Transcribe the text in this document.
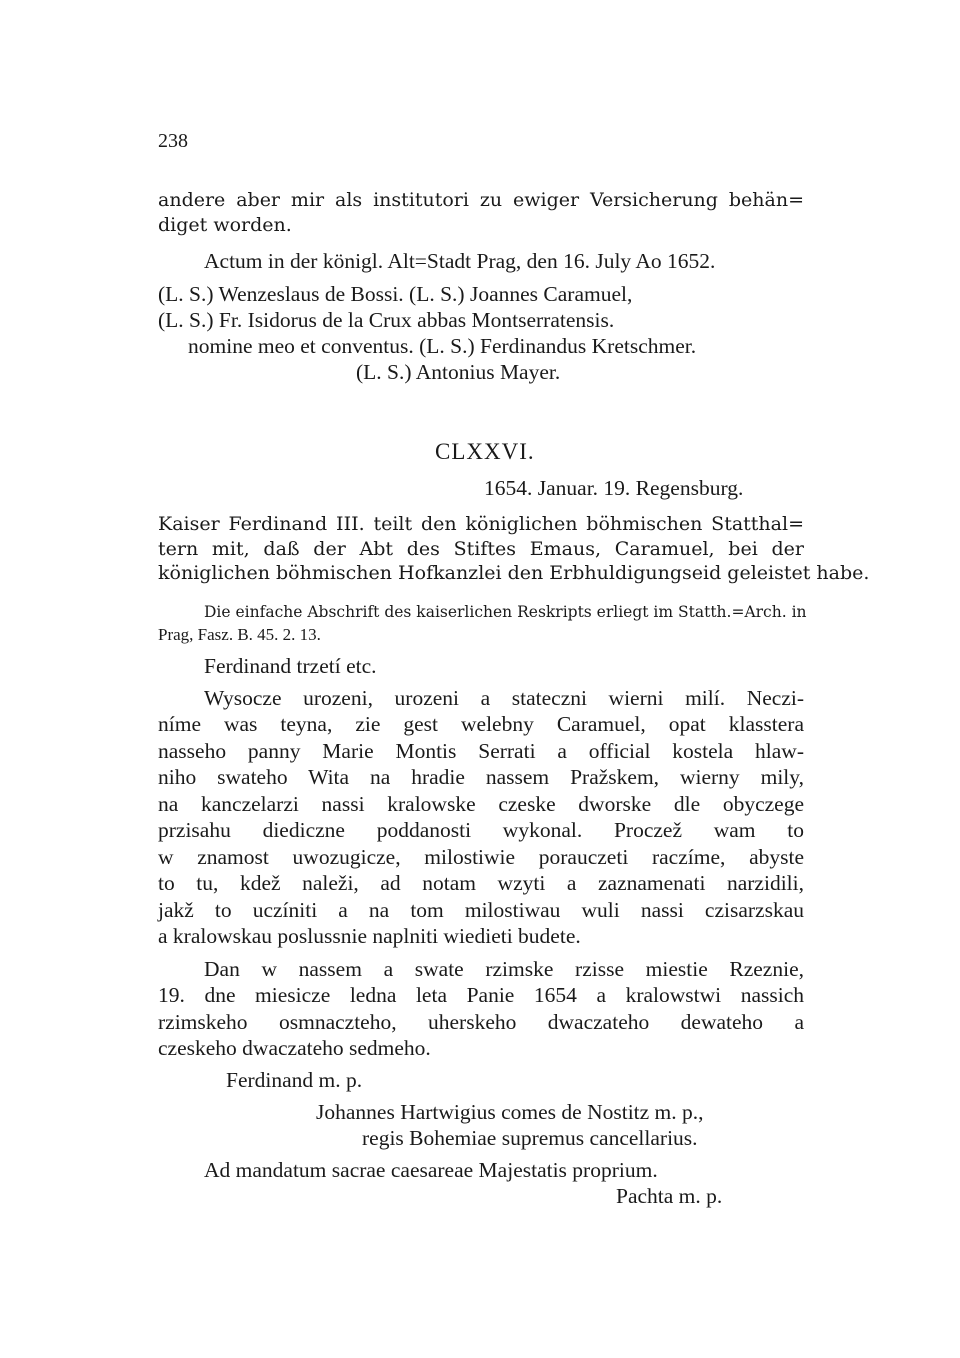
238
andere aber mir als institutori zu ewiger Versicherung behän=
diget worden.
Actum in der königl. Alt=Stadt Prag, den 16. July Ao 1652.
(L. S.) Wenzeslaus de Bossi. (L. S.) Joannes Caramuel,
(L. S.) Fr. Isidorus de la Crux abbas Montserratensis.
nomine meo et conventus. (L. S.) Ferdinandus Kretschmer.
(L. S.) Antonius Mayer.
CLXXVI.
1654. Januar. 19. Regensburg.
Kaiser Ferdinand III. teilt den königlichen böhmischen Statthal=
tern mit, daß der Abt des Stiftes Emaus, Caramuel, bei der
königlichen böhmischen Hofkanzlei den Erbhuldigungseid geleistet habe.
Die einfache Abschrift des kaiserlichen Reskripts erliegt im Statth.=Arch. in
Prag, Fasz. B. 45. 2. 13.
Ferdinand trzetí etc.
Wysocze urozeni, urozeni a stateczni wierni milí. Neczi-
níme was teyna, zie gest welebny Caramuel, opat klasstera
nasseho panny Marie Montis Serrati a official kostela hlaw-
niho swateho Wita na hradie nassem Pražskem, wierny mily,
na kanczelarzi nassi kralowske czeske dworske dle obyczege
przisahu diediczne poddanosti wykonal. Proczež wam to
w znamost uwozugicze, milostiwie porauczeti raczíme, abyste
to tu, kdež naleži, ad notam wzyti a zaznamenati narzidili,
jakž to uczíniti a na tom milostiwau wuli nassi czisarzskau
a kralowskau poslussnie naplniti wiedieti budete.
Dan w nassem a swate rzimske rzisse miestie Rzeznie,
19. dne miesicze ledna leta Panie 1654 a kralowstwi nassich
rzimskeho osmnaczteho, uherskeho dwaczateho dewateho a
czeskeho dwaczateho sedmeho.
Ferdinand m. p.
Johannes Hartwigius comes de Nostitz m. p.,
regis Bohemiae supremus cancellarius.
Ad mandatum sacrae caesareae Majestatis proprium.
Pachta m. p.
